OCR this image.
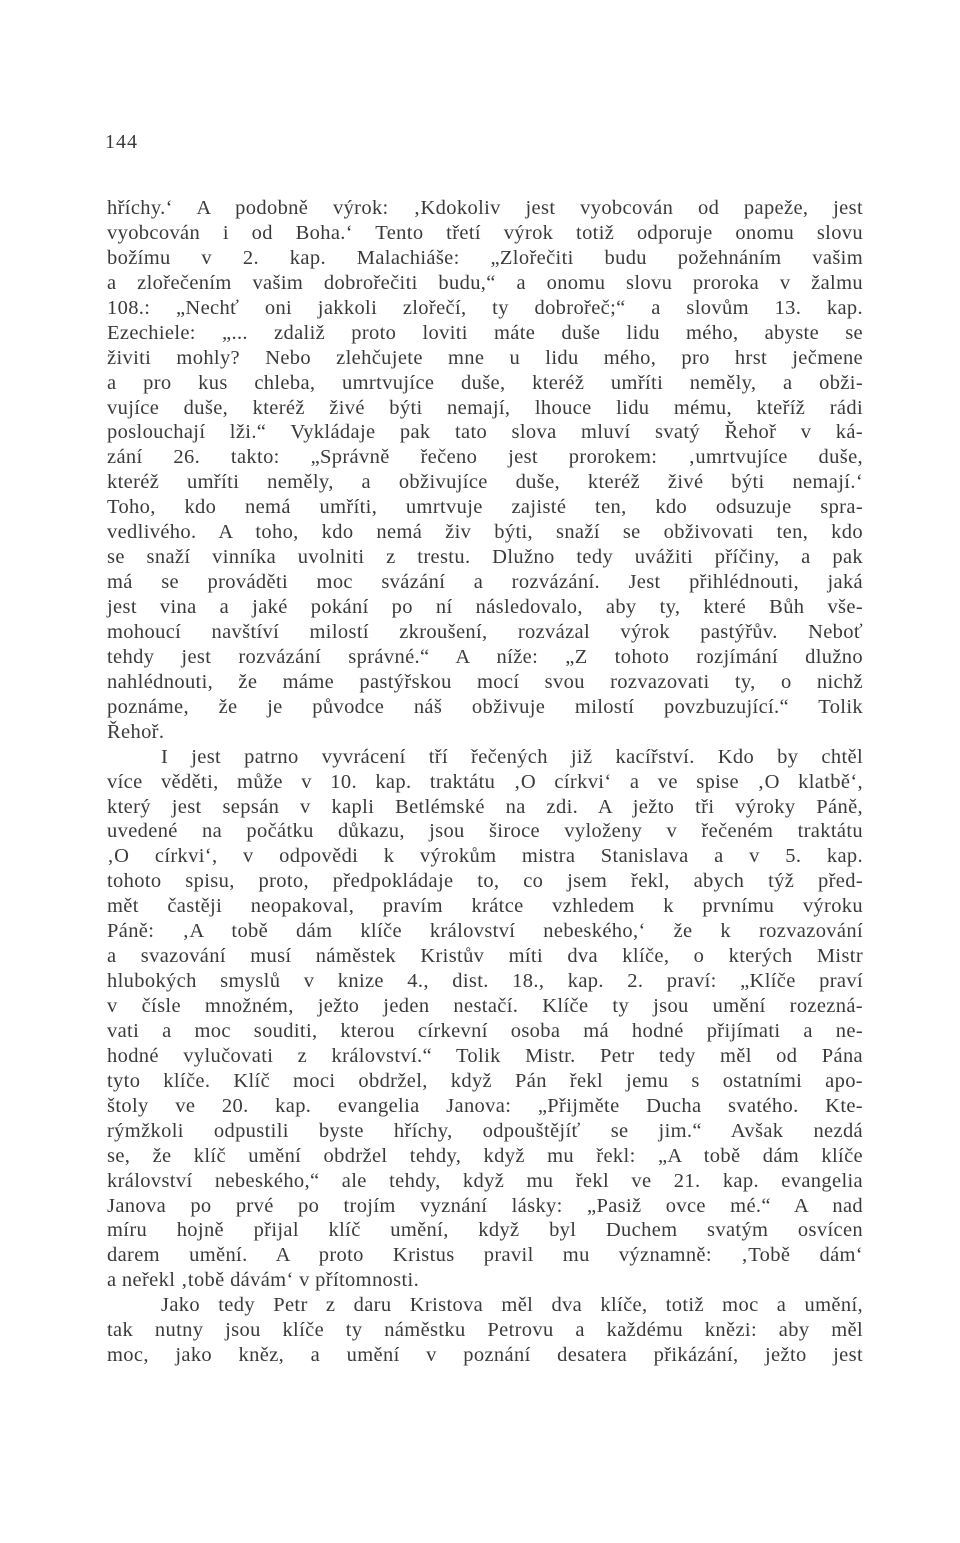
144
hříchy.‘ A podobně výrok: ‚Kdokoliv jest vyobcován od papeže, jest
vyobcován i od Boha.‘ Tento třetí výrok totiž odporuje onomu slovu
božímu v 2. kap. Malachiáše: „Zlořečiti budu požehnáním vašim
a zlořečením vašim dobrořečiti budu,“ a onomu slovu proroka v žalmu
108.: „Nechť oni jakkoli zlořečí, ty dobrořeč;“ a slovům 13. kap.
Ezechiele: „... zdaliž proto loviti máte duše lidu mého, abyste se
živiti mohly? Nebo zlehčujete mne u lidu mého, pro hrst ječmene
a pro kus chleba, umrtvujíce duše, kteréž umříti neměly, a obži-
vujíce duše, kteréž živé býti nemají, lhouce lidu mému, kteříž rádi
poslouchají lži.“ Vykládaje pak tato slova mluví svatý Řehoř v ká-
zání 26. takto: „Správně řečeno jest prorokem: ‚umrtvujíce duše,
kteréž umříti neměly, a obživujíce duše, kteréž živé býti nemají.‘
Toho, kdo nemá umříti, umrtvuje zajisté ten, kdo odsuzuje spra-
vedlivého. A toho, kdo nemá živ býti, snaží se obživovati ten, kdo
se snaží vinníka uvolniti z trestu. Dlužno tedy uvážiti příčiny, a pak
má se prováděti moc svázání a rozvázání. Jest přihlédnouti, jaká
jest vina a jaké pokání po ní následovalo, aby ty, které Bůh vše-
mohoucí navštíví milostí zkroušení, rozvázal výrok pastýřův. Neboť
tehdy jest rozvázání správné.“ A níže: „Z tohoto rozjímání dlužno
nahlédnouti, že máme pastýřskou mocí svou rozvazovati ty, o nichž
poznáme, že je původce náš obživuje milostí povzbuzující.“ Tolik
Řehoř.
I jest patrno vyvrácení tří řečených již kacířství. Kdo by chtěl
více věděti, může v 10. kap. traktátu ‚O církvi‘ a ve spise ‚O klatbě‘,
který jest sepsán v kapli Betlémské na zdi. A ježto tři výroky Páně,
uvedené na počátku důkazu, jsou široce vyloženy v řečeném traktátu
‚O církvi‘, v odpovědi k výrokům mistra Stanislava a v 5. kap.
tohoto spisu, proto, předpokládaje to, co jsem řekl, abych týž před-
mět častěji neopakoval, pravím krátce vzhledem k prvnímu výroku
Páně: ‚A tobě dám klíče království nebeského,‘ že k rozvazování
a svazování musí náměstek Kristův míti dva klíče, o kterých Mistr
hlubokých smyslů v knize 4., dist. 18., kap. 2. praví: „Klíče praví
v čísle množném, ježto jeden nestačí. Klíče ty jsou umění rozezná-
vati a moc souditi, kterou církevní osoba má hodné přijímati a ne-
hodné vylučovati z království.“ Tolik Mistr. Petr tedy měl od Pána
tyto klíče. Klíč moci obdržel, když Pán řekl jemu s ostatními apo-
štoly ve 20. kap. evangelia Janova: „Přijměte Ducha svatého. Kte-
rýmžkoli odpustili byste hříchy, odpouštějíť se jim.“ Avšak nezdá
se, že klíč umění obdržel tehdy, když mu řekl: „A tobě dám klíče
království nebeského,“ ale tehdy, když mu řekl ve 21. kap. evangelia
Janova po prvé po trojím vyznání lásky: „Pasiž ovce mé.“ A nad
míru hojně přijal klíč umění, když byl Duchem svatým osvícen
darem umění. A proto Kristus pravil mu významně: ‚Tobě dám‘
a neřekl ‚tobě dávám‘ v přítomnosti.
Jako tedy Petr z daru Kristova měl dva klíče, totiž moc a umění,
tak nutny jsou klíče ty náměstku Petrovu a každému knězi: aby měl
moc, jako kněz, a umění v poznání desatera přikázání, ježto jest
